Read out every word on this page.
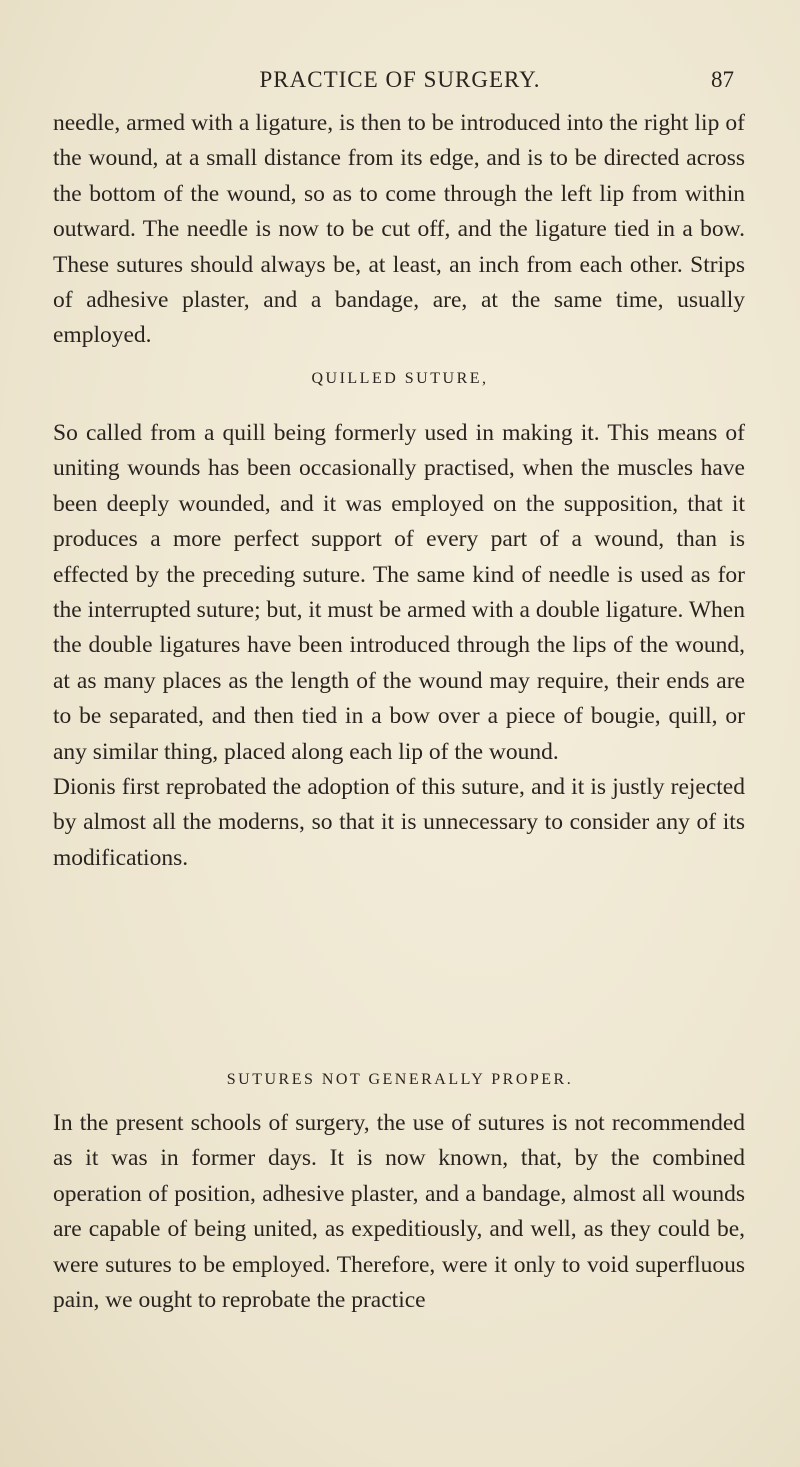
PRACTICE OF SURGERY.	87

needle, armed with a ligature, is then to be introduced into the right lip of the wound, at a small distance from its edge, and is to be directed across the bottom of the wound, so as to come through the left lip from within outward. The needle is now to be cut off, and the ligature tied in a bow. These sutures should always be, at least, an inch from each other. Strips of adhesive plaster, and a bandage, are, at the same time, usually employed.

QUILLED SUTURE,

So called from a quill being formerly used in making it. This means of uniting wounds has been occasionally practised, when the muscles have been deeply wounded, and it was employed on the supposition, that it produces a more perfect support of every part of a wound, than is effected by the preceding suture. The same kind of needle is used as for the interrupted suture; but, it must be armed with a double ligature. When the double ligatures have been introduced through the lips of the wound, at as many places as the length of the wound may require, their ends are to be separated, and then tied in a bow over a piece of bougie, quill, or any similar thing, placed along each lip of the wound.

Dionis first reprobated the adoption of this suture, and it is justly rejected by almost all the moderns, so that it is unnecessary to consider any of its modifications.

SUTURES NOT GENERALLY PROPER.

In the present schools of surgery, the use of sutures is not recommended as it was in former days. It is now known, that, by the combined operation of position, adhesive plaster, and a bandage, almost all wounds are capable of being united, as expeditiously, and well, as they could be, were sutures to be employed. Therefore, were it only to void superfluous pain, we ought to reprobate the practice
